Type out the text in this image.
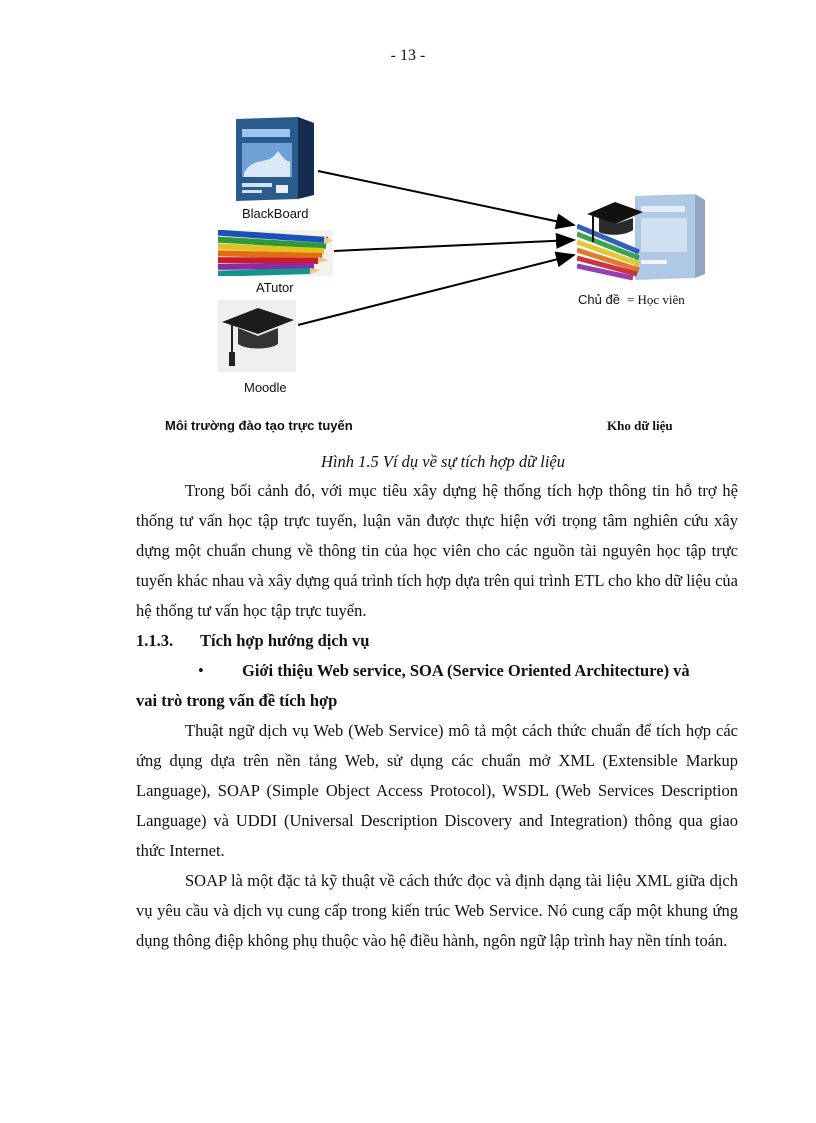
- 13 -
BlackBoard
ATutor
Moodle
Chủ đề = Học viên
Môi trường đào tạo trực tuyến	Kho dữ liệu
Hình 1.5 Ví dụ về sự tích hợp dữ liệu

Trong bối cảnh đó, với mục tiêu xây dựng hệ thống tích hợp thông tin hỗ trợ hệ thống tư vấn học tập trực tuyến, luận văn được thực hiện với trọng tâm nghiên cứu xây dựng một chuẩn chung về thông tin của học viên cho các nguồn tài nguyên học tập trực tuyến khác nhau và xây dựng quá trình tích hợp dựa trên qui trình ETL cho kho dữ liệu của hệ thống tư vấn học tập trực tuyến.

1.1.3. Tích hợp hướng dịch vụ
• Giới thiệu Web service, SOA (Service Oriented Architecture) và
vai trò trong vấn đề tích hợp

Thuật ngữ dịch vụ Web (Web Service) mô tả một cách thức chuẩn để tích hợp các ứng dụng dựa trên nền tảng Web, sử dụng các chuẩn mở XML (Extensible Markup Language), SOAP (Simple Object Access Protocol), WSDL (Web Services Description Language) và UDDI (Universal Description Discovery and Integration) thông qua giao thức Internet.

SOAP là một đặc tả kỹ thuật về cách thức đọc và định dạng tài liệu XML giữa dịch vụ yêu cầu và dịch vụ cung cấp trong kiến trúc Web Service. Nó cung cấp một khung ứng dụng thông điệp không phụ thuộc vào hệ điều hành, ngôn ngữ lập trình hay nền tính toán.
